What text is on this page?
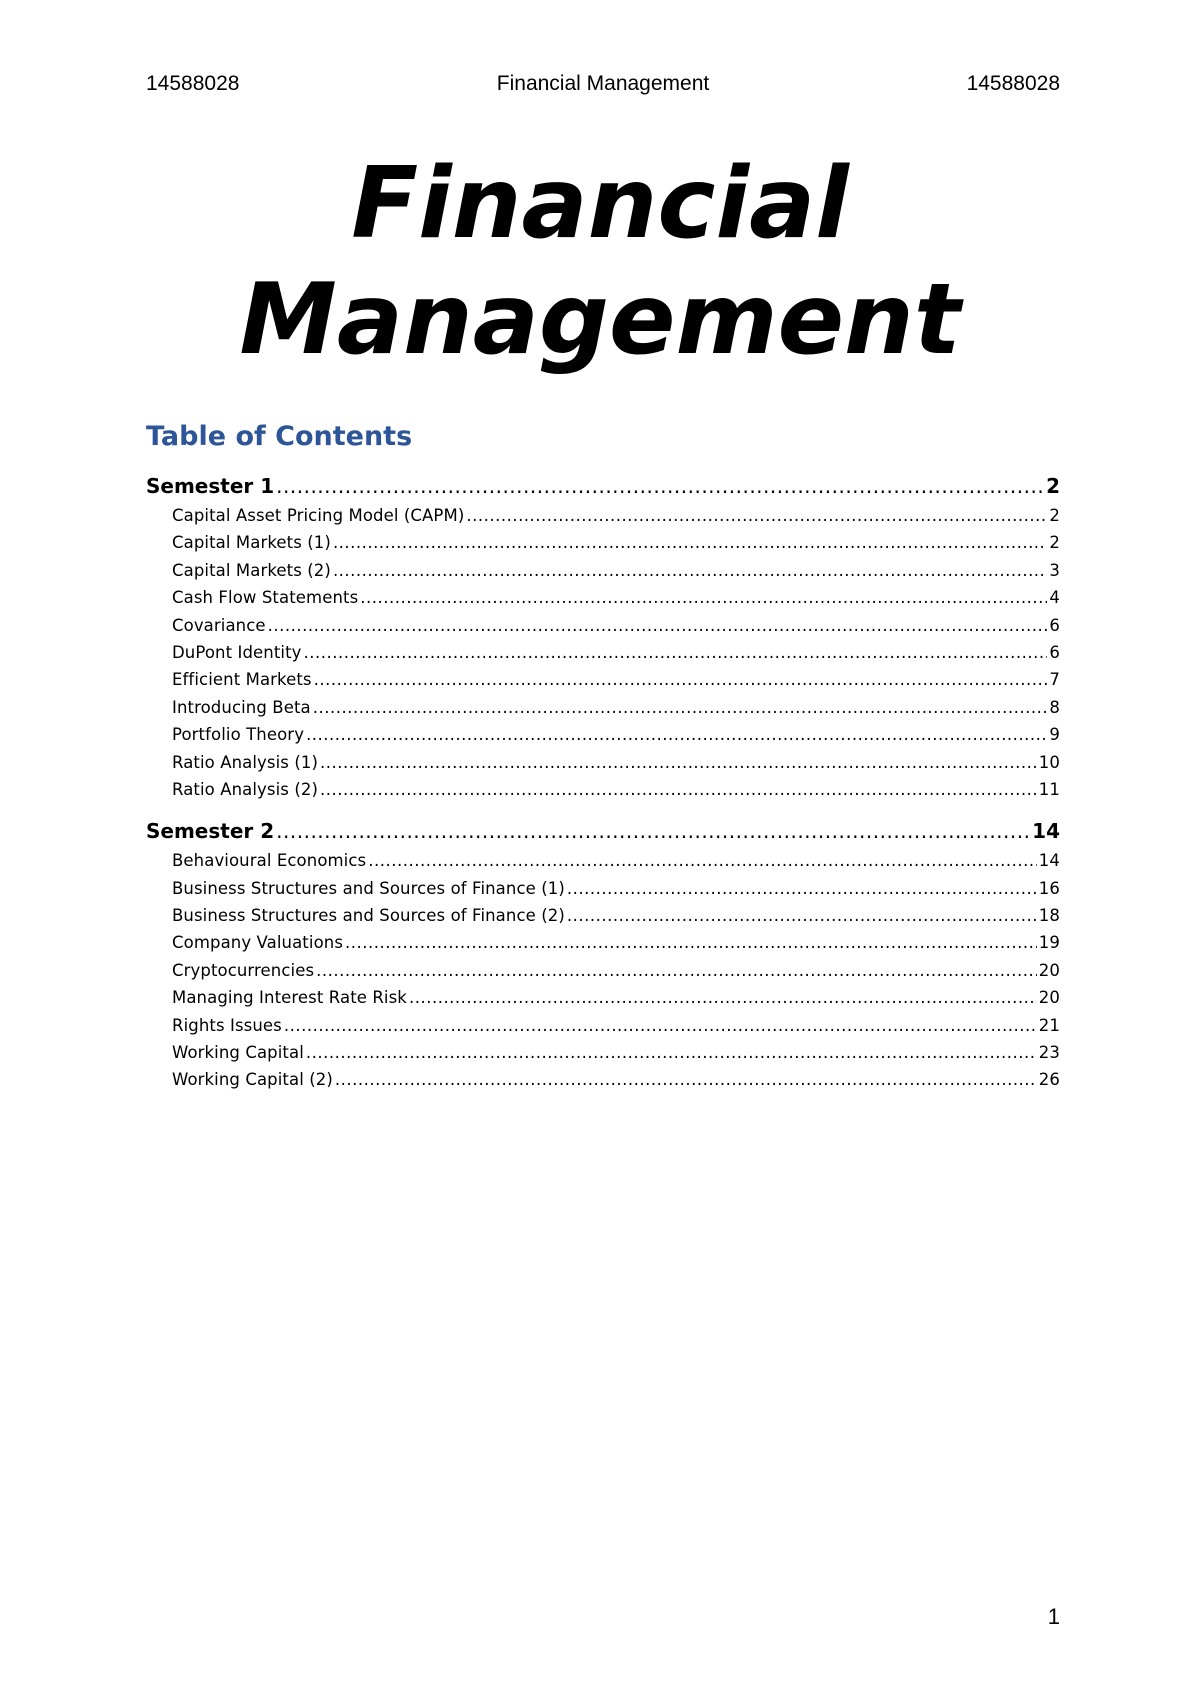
14588028	Financial Management	14588028
Financial
Management
Table of Contents
Semester 1 .....	2
Capital Asset Pricing Model (CAPM) .....	2
Capital Markets (1) .....	2
Capital Markets (2) .....	3
Cash Flow Statements .....	4
Covariance .....	6
DuPont Identity .....	6
Efficient Markets .....	7
Introducing Beta .....	8
Portfolio Theory .....	9
Ratio Analysis (1) .....	10
Ratio Analysis (2) .....	11
Semester 2 .....	14
Behavioural Economics .....	14
Business Structures and Sources of Finance (1) .....	16
Business Structures and Sources of Finance (2) .....	18
Company Valuations .....	19
Cryptocurrencies .....	20
Managing Interest Rate Risk .....	20
Rights Issues .....	21
Working Capital .....	23
Working Capital (2) .....	26
1
